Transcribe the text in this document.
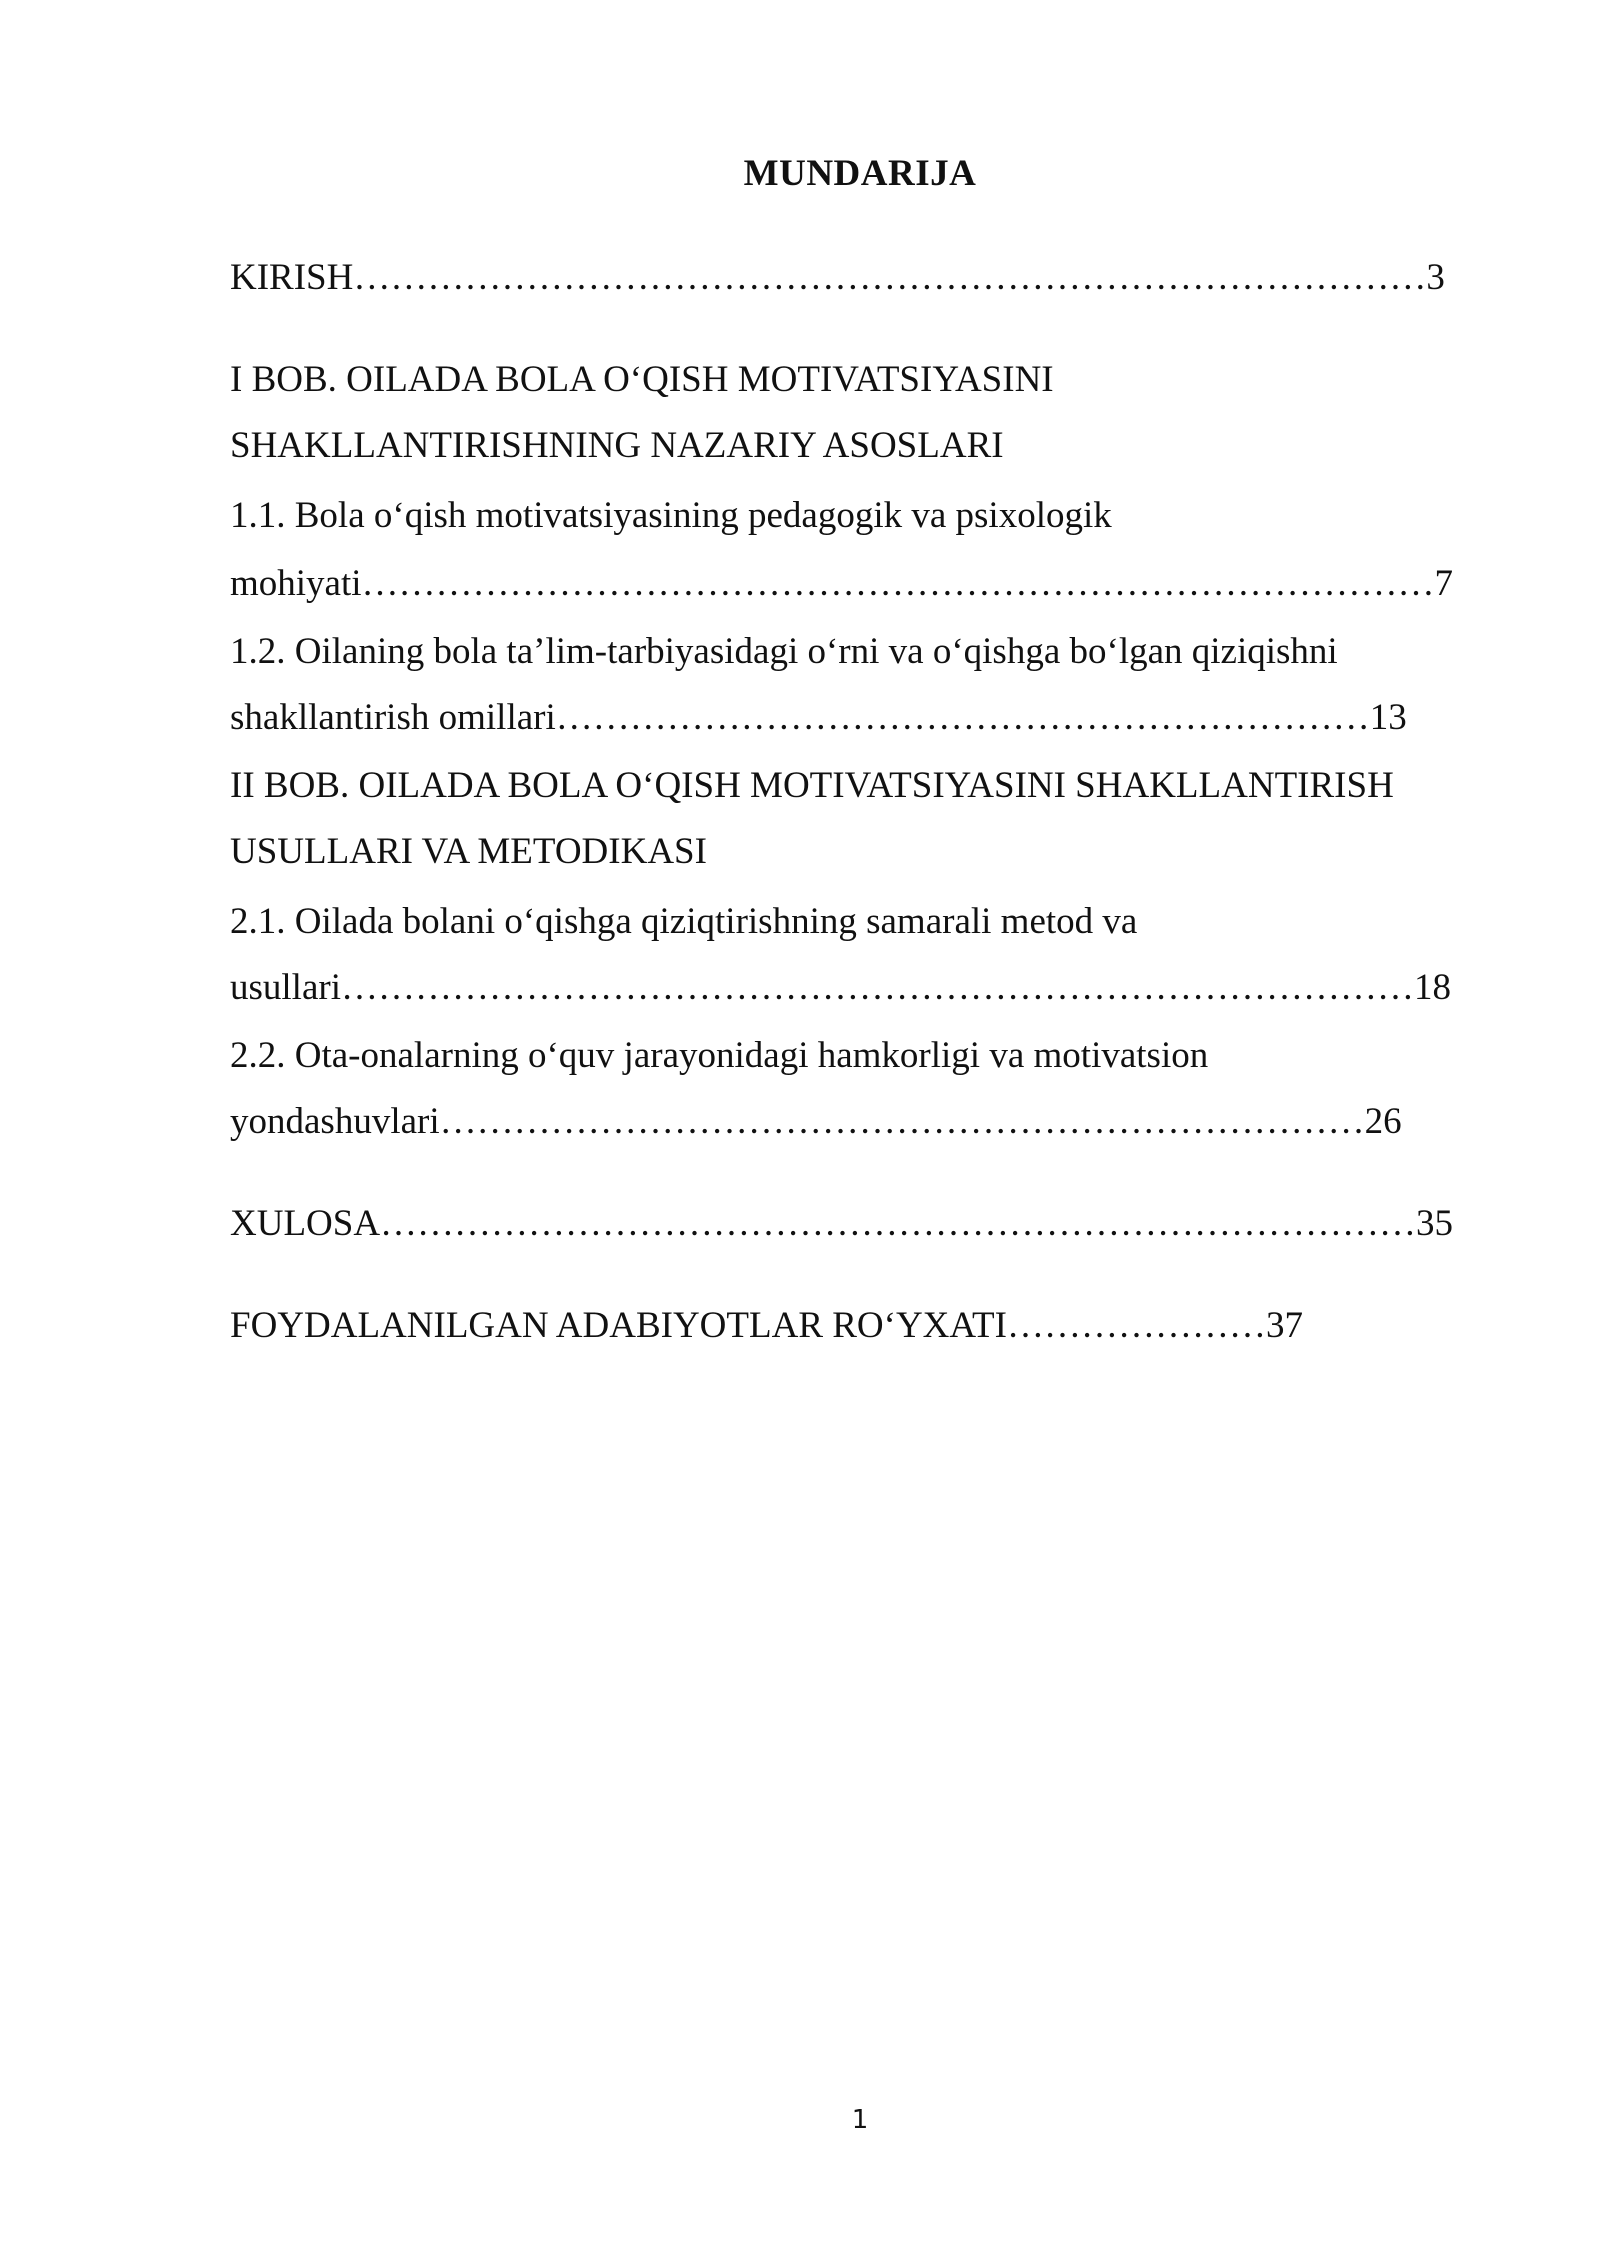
MUNDARIJA
KIRISH……………………………………………………………………………3
I BOB. OILADA BOLA O‘QISH MOTIVATSIYASINI
SHAKLLANTIRISHNING NAZARIY ASOSLARI
1.1. Bola o‘qish motivatsiyasining pedagogik va psixologik
mohiyati……………………………………………………………………………7
1.2. Oilaning bola ta’lim-tarbiyasidagi o‘rni va o‘qishga bo‘lgan qiziqishni
shakllantirish omillari…………………………………………………………13
II BOB. OILADA BOLA O‘QISH MOTIVATSIYASINI SHAKLLANTIRISH
USULLARI VA METODIKASI
2.1. Oilada bolani o‘qishga qiziqtirishning samarali metod va
usullari……………………………………………………………………………18
2.2. Ota-onalarning o‘quv jarayonidagi hamkorligi va motivatsion
yondashuvlari…………………………………………………………………26
XULOSA…………………………………………………………………………35
FOYDALANILGAN ADABIYOTLAR RO‘YXATI…………………37
1
